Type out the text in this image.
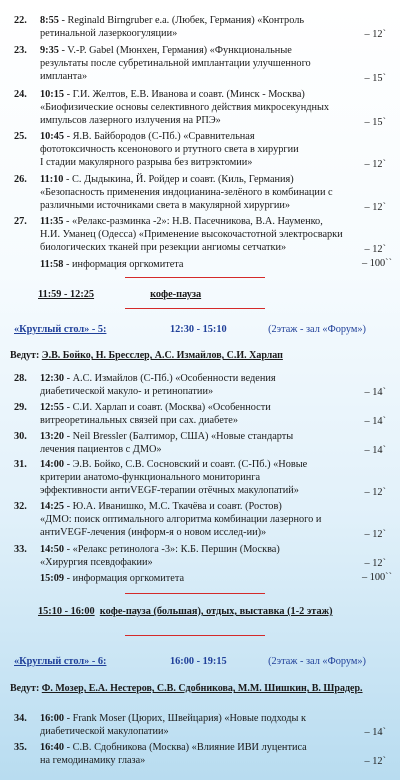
22. 8:55 - Reginald Birngruber e.a. (Любек, Германия) «Контроль
ретинальной лазеркоогуляции»	– 12`
23. 9:35 - V.-P. Gabel (Мюнхен, Германия) «Функциональные
результаты после субретинальной имплантации улучшенного
импланта»	– 15`
24. 10:15 - Г.И. Желтов, Е.В. Иванова и соавт. (Минск - Москва)
«Биофизические основы селективного действия микросекундных
импульсов лазерного излучения на РПЭ»	– 15`
25. 10:45 - Я.В. Байбородов (С-Пб.) «Сравнительная
фототоксичность ксенонового и ртутного света в хирургии
I стадии макулярного разрыва без витрэктомии»	– 12`
26. 11:10 - С. Дыдыкина, Й. Ройдер и соавт. (Киль, Германия)
«Безопасность применения индоцианина-зелёного в комбинации с
различными источниками света в макулярной хирургии»	– 12`
27. 11:35 - «Релакс-разминка -2»: Н.В. Пасечникова, В.А. Науменко,
Н.И. Уманец (Одесса) «Применение высокочастотной электросварки
биологических тканей при резекции ангиомы сетчатки»	– 12`
11:58 - информация оргкомитета	– 100``
11:59 - 12:25	кофе-пауза
«Круглый стол» - 5:	12:30 - 15:10	(2этаж - зал «Форум»)
Ведут: Э.В. Бойко, Н. Бресслер, А.С. Измайлов, С.И. Харлап
28. 12:30 - А.С. Измайлов (С-Пб.) «Особенности ведения
диабетической макуло- и ретинопатии»	– 14`
29. 12:55 - С.И. Харлап и соавт. (Москва) «Особенности
витреоретинальных связей при сах. диабете»	– 14`
30. 13:20 - Neil Bressler (Балтимор, США) «Новые стандарты
лечения пациентов с ДМО»	– 14`
31. 14:00 - Э.В. Бойко, С.В. Сосновский и соавт. (С-Пб.) «Новые
критерии анатомо-функционального мониторинга
эффективности антиVEGF-терапии отёчных макулопатий»	– 12`
32. 14:25 - Ю.А. Иванишко, М.С. Ткачёва и соавт. (Ростов)
«ДМО: поиск оптимального алгоритма комбинации лазерного и
антиVEGF-лечения (информ-я о новом исслед-ии)»	– 12`
33. 14:50 - «Релакс ретинолога -3»: К.Б. Першин (Москва)
«Хирургия псевдофакии»	– 12`
15:09 - информация оргкомитета	– 100``
15:10 - 16:00 кофе-пауза (большая), отдых, выставка (1-2 этаж)
«Круглый стол» - 6:	16:00 - 19:15	(2этаж - зал «Форум»)
Ведут: Ф. Мозер, Е.А. Нестеров, С.В. Сдобникова, М.М. Шишкин, В. Шрадер.
34. 16:00 - Frank Moser (Цюрих, Швейцария) «Новые подходы к
диабетической макулопатии»	– 14`
35. 16:40 - С.В. Сдобникова (Москва) «Влияние ИВИ луцентиса
на гемодинамику глаза»	– 12`
